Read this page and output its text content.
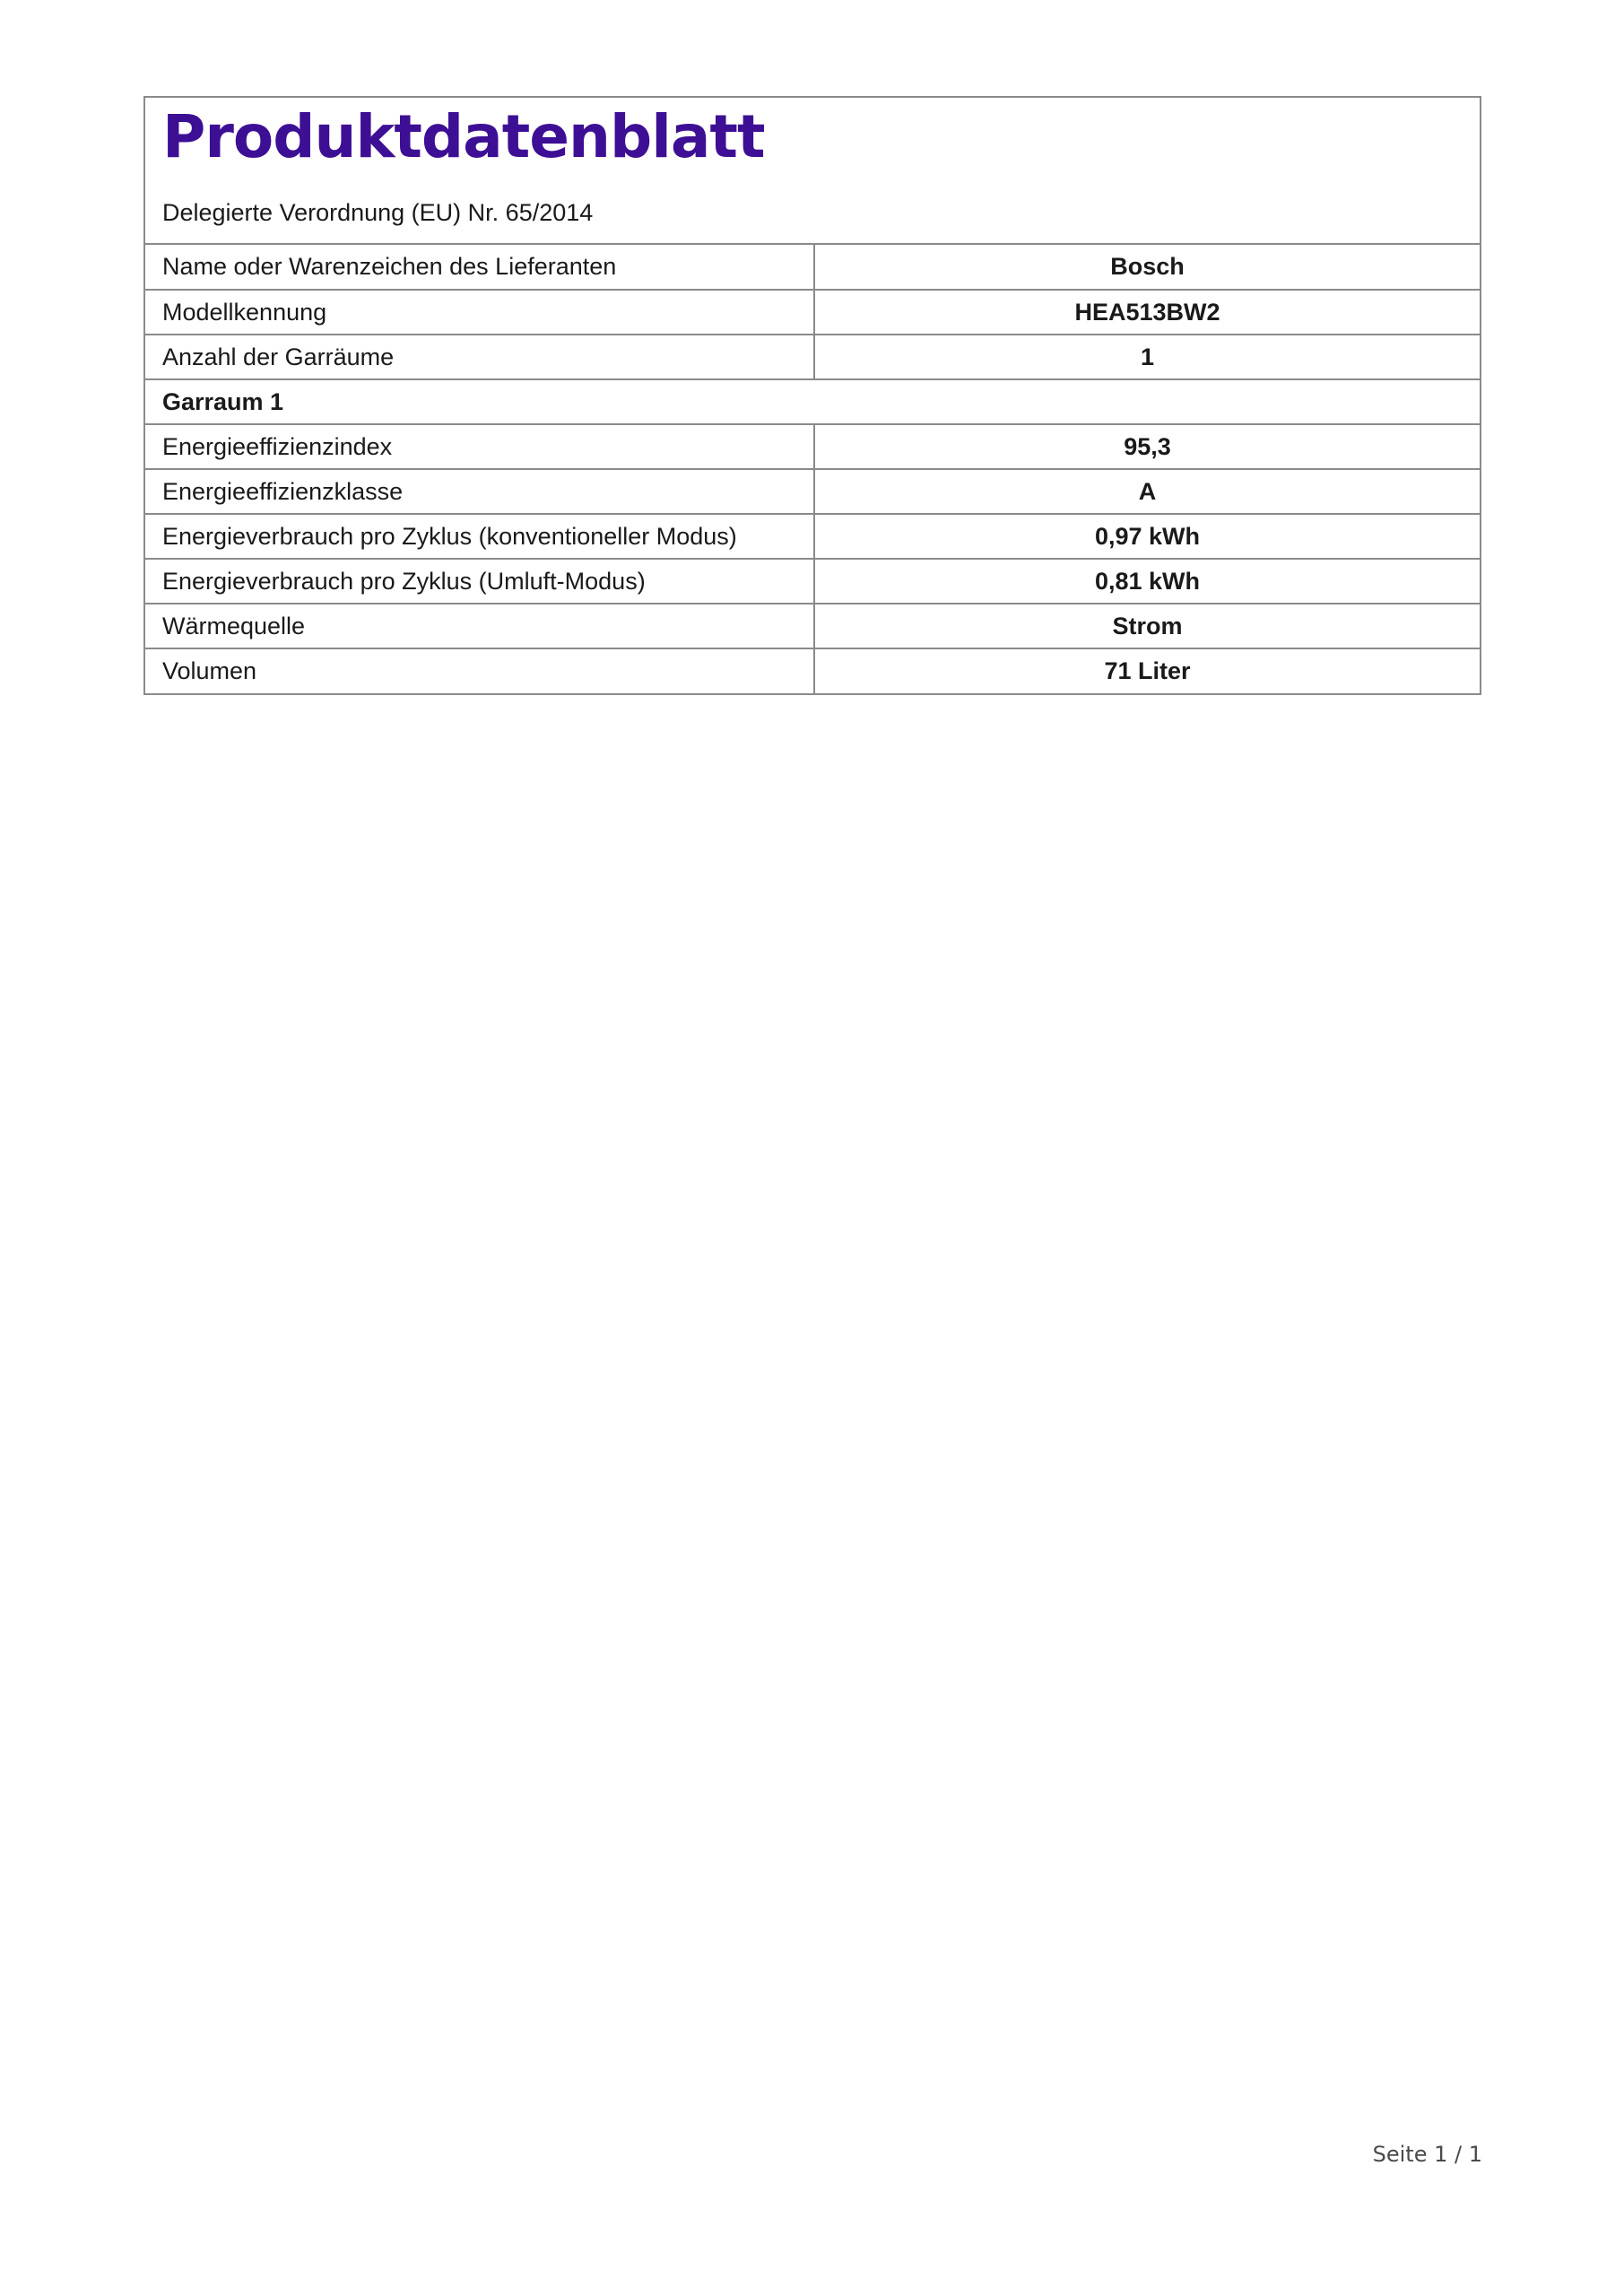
Produktdatenblatt
Delegierte Verordnung (EU) Nr. 65/2014
Name oder Warenzeichen des Lieferanten	Bosch
Modellkennung	HEA513BW2
Anzahl der Garräume	1
Garraum 1	
Energieeffizienzindex	95,3
Energieeffizienzklasse	A
Energieverbrauch pro Zyklus (konventioneller Modus)	0,97 kWh
Energieverbrauch pro Zyklus (Umluft-Modus)	0,81 kWh
Wärmequelle	Strom
Volumen	71 Liter
Seite 1 / 1
